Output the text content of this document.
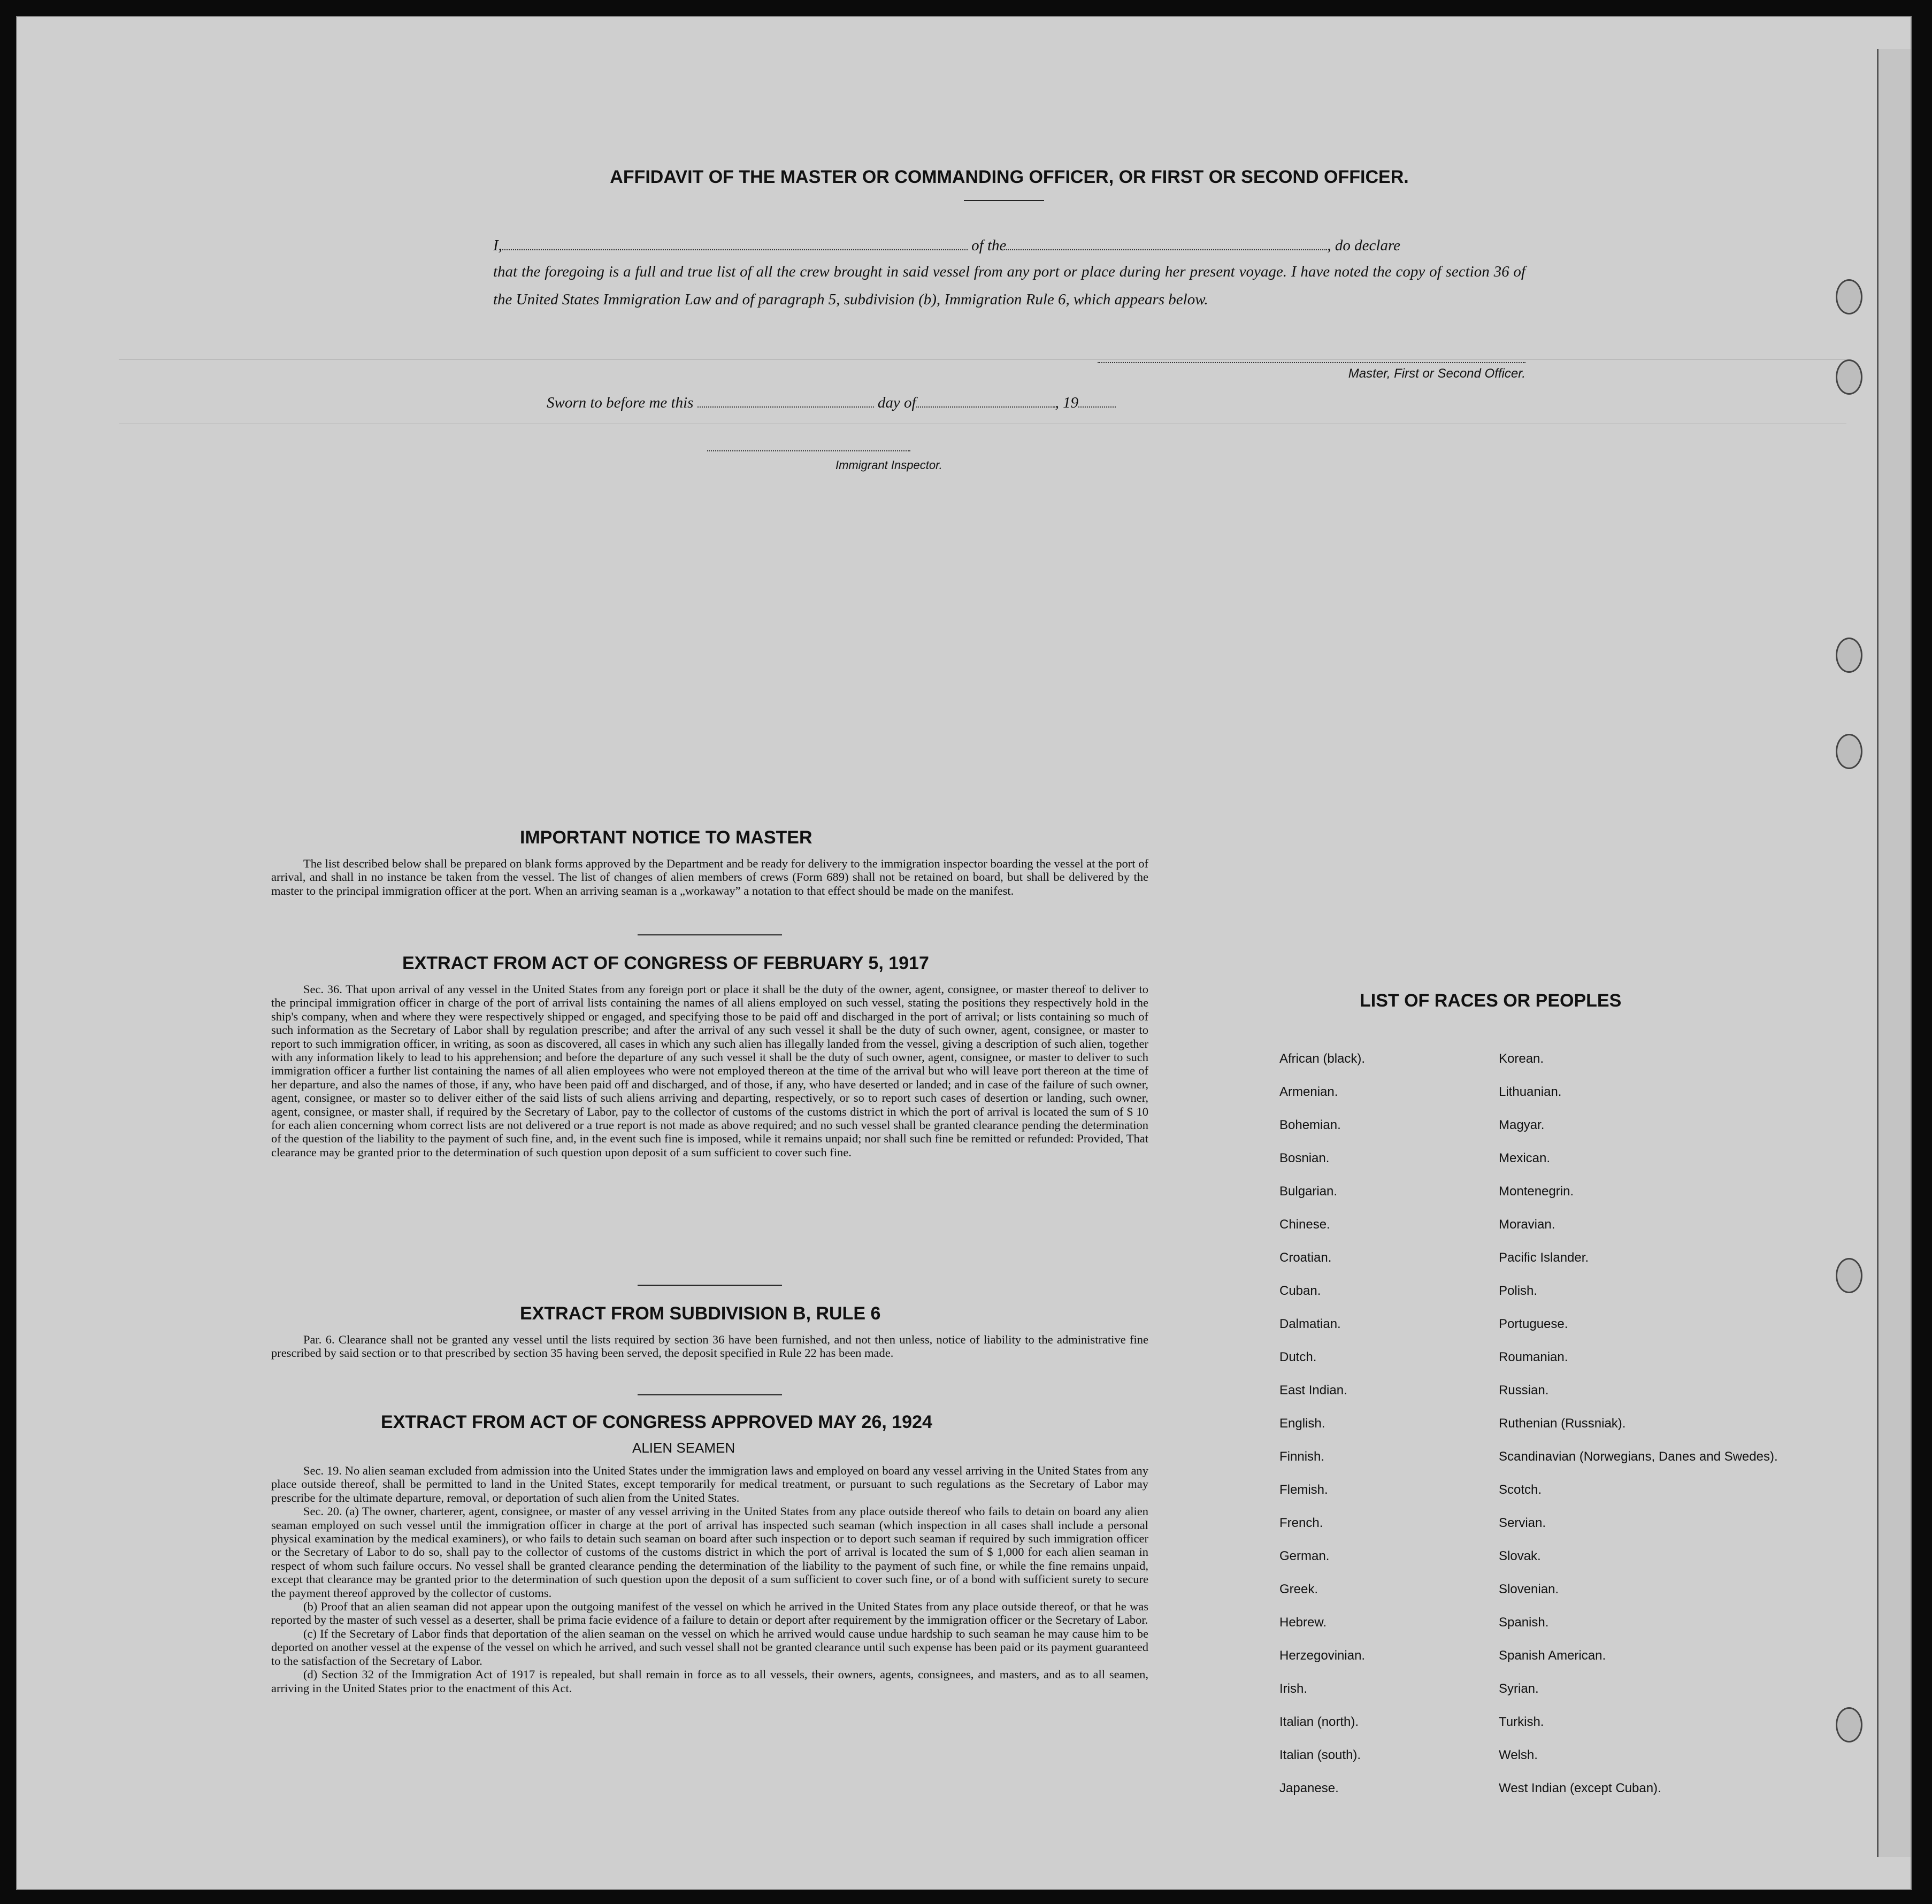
AFFIDAVIT OF THE MASTER OR COMMANDING OFFICER, OR FIRST OR SECOND OFFICER.
I,	of the	, do declare
that the foregoing is a full and true list of all the crew brought in said vessel from any port or place during her present voyage. I have noted the copy of section 36 of the United States Immigration Law and of paragraph 5, subdivision (b), Immigration Rule 6, which appears below.
Master, First or Second Officer.
Sworn to before me this	day of	, 19
Immigrant Inspector.
IMPORTANT NOTICE TO MASTER

The list described below shall be prepared on blank forms approved by the Department and be ready for delivery to the immigration inspector boarding the vessel at the port of arrival, and shall in no instance be taken from the vessel. The list of changes of alien members of crews (Form 689) shall not be retained on board, but shall be delivered by the master to the principal immigration officer at the port. When an arriving seaman is a „workaway” a notation to that effect should be made on the manifest.

EXTRACT FROM ACT OF CONGRESS OF FEBRUARY 5, 1917

Sec. 36. That upon arrival of any vessel in the United States from any foreign port or place it shall be the duty of the owner, agent, consignee, or master thereof to deliver to the principal immigration officer in charge of the port of arrival lists containing the names of all aliens employed on such vessel, stating the positions they respectively hold in the ship's company, when and where they were respectively shipped or engaged, and specifying those to be paid off and discharged in the port of arrival; or lists containing so much of such information as the Secretary of Labor shall by regulation prescribe; and after the arrival of any such vessel it shall be the duty of such owner, agent, consignee, or master to report to such immigration officer, in writing, as soon as discovered, all cases in which any such alien has illegally landed from the vessel, giving a description of such alien, together with any information likely to lead to his apprehension; and before the departure of any such vessel it shall be the duty of such owner, agent, consignee, or master to deliver to such immigration officer a further list containing the names of all alien employees who were not employed thereon at the time of the arrival but who will leave port thereon at the time of her departure, and also the names of those, if any, who have been paid off and discharged, and of those, if any, who have deserted or landed; and in case of the failure of such owner, agent, consignee, or master so to deliver either of the said lists of such aliens arriving and departing, respectively, or so to report such cases of desertion or landing, such owner, agent, consignee, or master shall, if required by the Secretary of Labor, pay to the collector of customs of the customs district in which the port of arrival is located the sum of $ 10 for each alien concerning whom correct lists are not delivered or a true report is not made as above required; and no such vessel shall be granted clearance pending the determination of the question of the liability to the payment of such fine, and, in the event such fine is imposed, while it remains unpaid; nor shall such fine be remitted or refunded: Provided, That clearance may be granted prior to the determination of such question upon deposit of a sum sufficient to cover such fine.

EXTRACT FROM SUBDIVISION B, RULE 6

Par. 6. Clearance shall not be granted any vessel until the lists required by section 36 have been furnished, and not then unless, notice of liability to the administrative fine prescribed by said section or to that prescribed by section 35 having been served, the deposit specified in Rule 22 has been made.

EXTRACT FROM ACT OF CONGRESS APPROVED MAY 26, 1924
ALIEN SEAMEN

Sec. 19. No alien seaman excluded from admission into the United States under the immigration laws and employed on board any vessel arriving in the United States from any place outside thereof, shall be permitted to land in the United States, except temporarily for medical treatment, or pursuant to such regulations as the Secretary of Labor may prescribe for the ultimate departure, removal, or deportation of such alien from the United States.

Sec. 20. (a) The owner, charterer, agent, consignee, or master of any vessel arriving in the United States from any place outside thereof who fails to detain on board any alien seaman employed on such vessel until the immigration officer in charge at the port of arrival has inspected such seaman (which inspection in all cases shall include a personal physical examination by the medical examiners), or who fails to detain such seaman on board after such inspection or to deport such seaman if required by such immigration officer or the Secretary of Labor to do so, shall pay to the collector of customs of the customs district in which the port of arrival is located the sum of $ 1,000 for each alien seaman in respect of whom such failure occurs. No vessel shall be granted clearance pending the determination of the liability to the payment of such fine, or while the fine remains unpaid, except that clearance may be granted prior to the determination of such question upon the deposit of a sum sufficient to cover such fine, or of a bond with sufficient surety to secure the payment thereof approved by the collector of customs.

(b) Proof that an alien seaman did not appear upon the outgoing manifest of the vessel on which he arrived in the United States from any place outside thereof, or that he was reported by the master of such vessel as a deserter, shall be prima facie evidence of a failure to detain or deport after requirement by the immigration officer or the Secretary of Labor.

(c) If the Secretary of Labor finds that deportation of the alien seaman on the vessel on which he arrived would cause undue hardship to such seaman he may cause him to be deported on another vessel at the expense of the vessel on which he arrived, and such vessel shall not be granted clearance until such expense has been paid or its payment guaranteed to the satisfaction of the Secretary of Labor.

(d) Section 32 of the Immigration Act of 1917 is repealed, but shall remain in force as to all vessels, their owners, agents, consignees, and masters, and as to all seamen, arriving in the United States prior to the enactment of this Act.

LIST OF RACES OR PEOPLES
African (black).
Armenian.
Bohemian.
Bosnian.
Bulgarian.
Chinese.
Croatian.
Cuban.
Dalmatian.
Dutch.
East Indian.
English.
Finnish.
Flemish.
French.
German.
Greek.
Hebrew.
Herzegovinian.
Irish.
Italian (north).
Italian (south).
Japanese.
Korean.
Lithuanian.
Magyar.
Mexican.
Montenegrin.
Moravian.
Pacific Islander.
Polish.
Portuguese.
Roumanian.
Russian.
Ruthenian (Russniak).
Scandinavian (Norwegians, Danes and Swedes).
Scotch.
Servian.
Slovak.
Slovenian.
Spanish.
Spanish American.
Syrian.
Turkish.
Welsh.
West Indian (except Cuban).
